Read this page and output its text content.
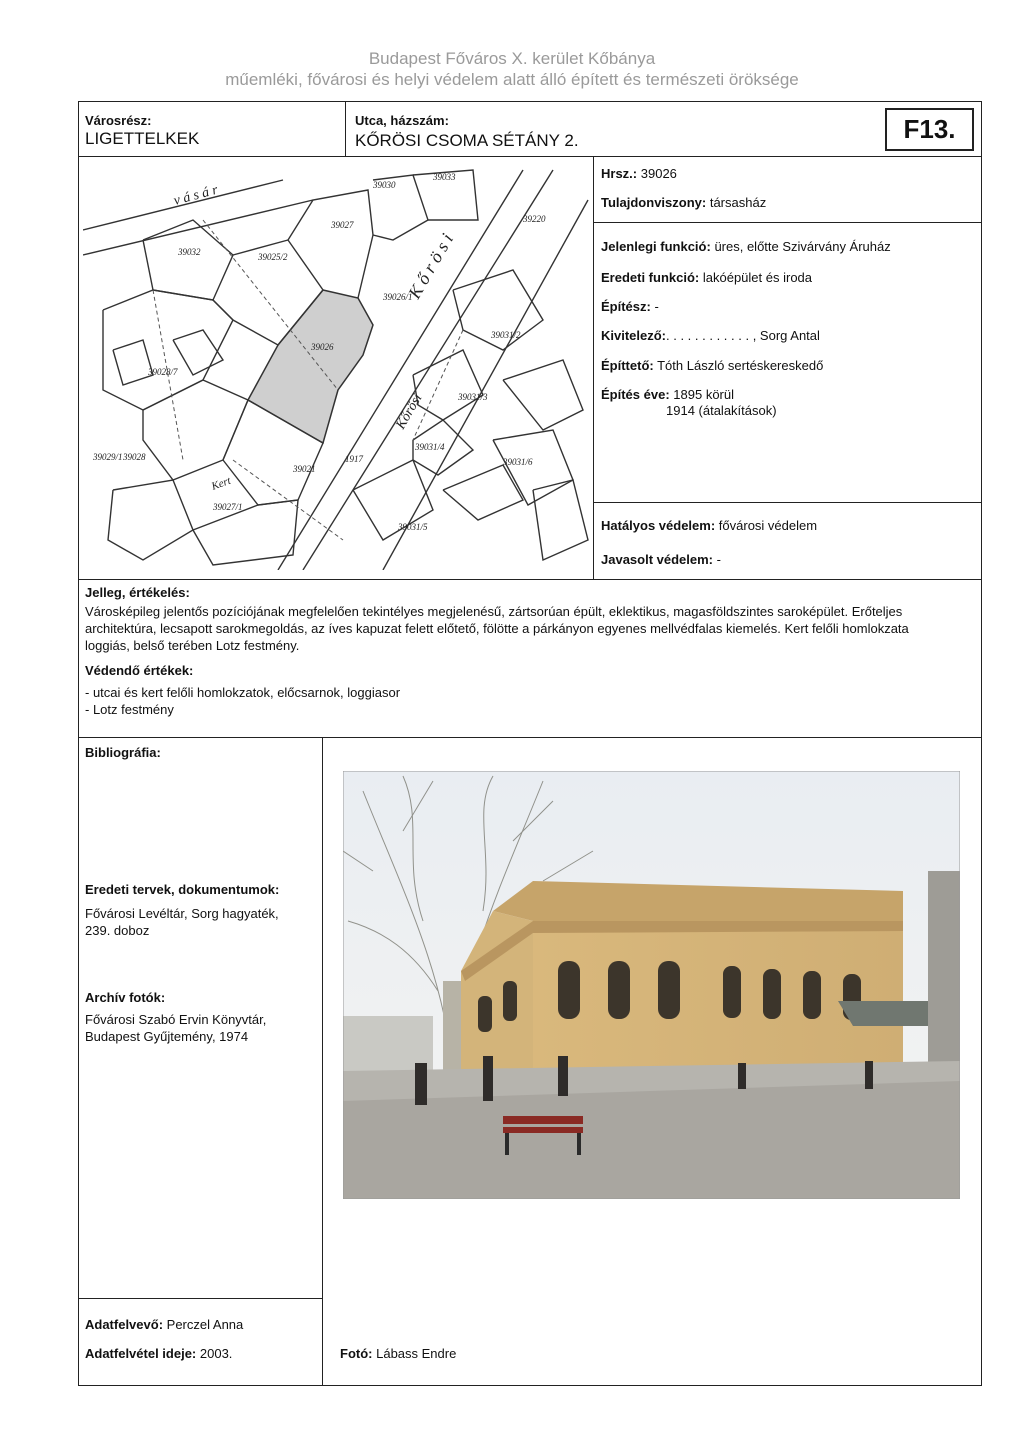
Budapest Főváros X. kerület Kőbánya
műemléki, fővárosi és helyi védelem alatt álló épített és természeti öröksége
Városrész:
LIGETTELKEK
Utca, házszám:
KŐRÖSI CSOMA SÉTÁNY 2.	F13.
v á s á r
K ő r ö s i
Kőrösi
Kert
39026
39025/2
39027
39030
39026/1
39031/2
39031/3
39031/4
39031/5
39031/6
39028
39028/7
39027/1
39021
39032
39033
1917
39220
39029/1
Hrsz.: 39026
Tulajdonviszony: társasház
Jelenlegi funkció: üres, előtte Szivárvány Áruház
Eredeti funkció: lakóépület és iroda
Építész: -
Kivitelező:. . . . . . . . . . . . , Sorg Antal
Építtető: Tóth László sertéskereskedő
Építés éve: 1895 körül
1914 (átalakítások)
Hatályos védelem: fővárosi védelem
Javasolt védelem: -
Jelleg, értékelés:
Városképileg jelentős pozíciójának megfelelően tekintélyes megjelenésű, zártsorúan épült, eklektikus, magasföldszintes saroképület. Erőteljes
architektúra, lecsapott sarokmegoldás, az íves kapuzat felett előtető, fölötte a párkányon egyenes mellvédfalas kiemelés. Kert felőli homlokzata
loggiás, belső terében Lotz festmény.
Védendő értékek:
- utcai és kert felőli homlokzatok, előcsarnok, loggiasor
- Lotz festmény
Bibliográfia:
Eredeti tervek, dokumentumok:
Fővárosi Levéltár, Sorg hagyaték,
239. doboz
Archív fotók:
Fővárosi Szabó Ervin Könyvtár,
Budapest Gyűjtemény, 1974
Adatfelvevő: Perczel Anna
Adatfelvétel ideje: 2003.	Fotó: Lábass Endre
